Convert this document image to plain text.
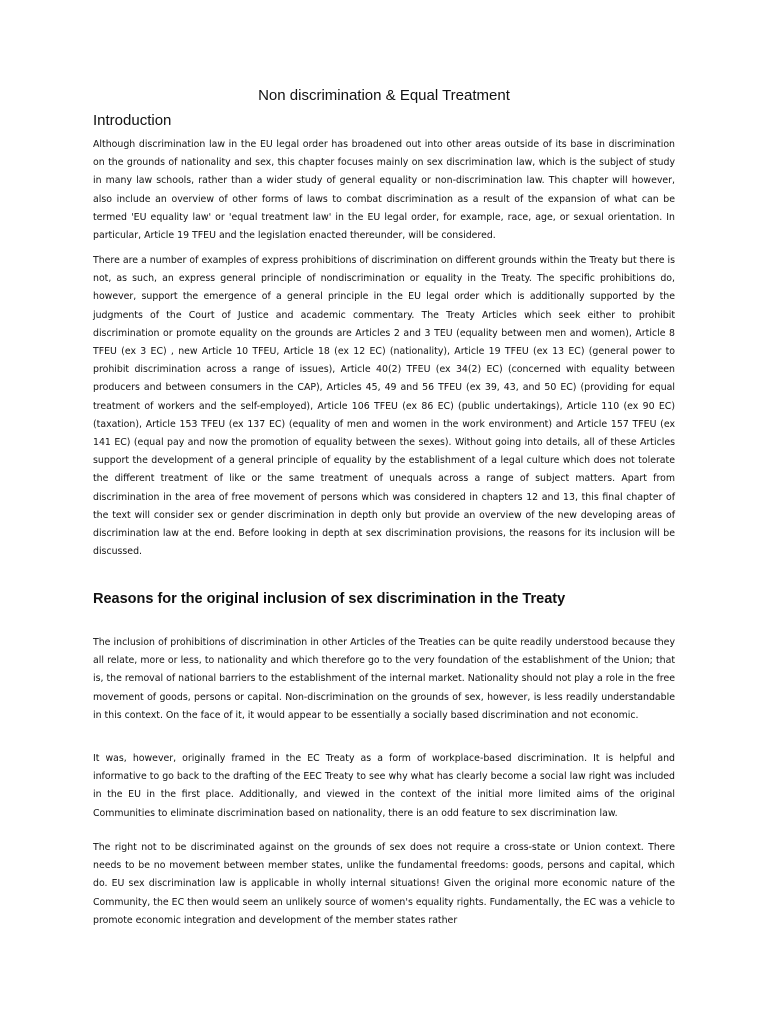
Non discrimination & Equal Treatment
Introduction

Although discrimination law in the EU legal order has broadened out into other areas outside of its base in discrimination on the grounds of nationality and sex, this chapter focuses mainly on sex discrimination law, which is the subject of study in many law schools, rather than a wider study of general equality or non-discrimination law. This chapter will however, also include an overview of other forms of laws to combat discrimination as a result of the expansion of what can be termed 'EU equality law' or 'equal treatment law' in the EU legal order, for example, race, age, or sexual orientation. In particular, Article 19 TFEU and the legislation enacted thereunder, will be considered.

There are a number of examples of express prohibitions of discrimination on different grounds within the Treaty but there is not, as such, an express general principle of nondiscrimination or equality in the Treaty. The specific prohibitions do, however, support the emergence of a general principle in the EU legal order which is additionally supported by the judgments of the Court of Justice and academic commentary. The Treaty Articles which seek either to prohibit discrimination or promote equality on the grounds are Articles 2 and 3 TEU (equality between men and women), Article 8 TFEU (ex 3 EC) , new Article 10 TFEU, Article 18 (ex 12 EC) (nationality), Article 19 TFEU (ex 13 EC) (general power to prohibit discrimination across a range of issues), Article 40(2) TFEU (ex 34(2) EC) (concerned with equality between producers and between consumers in the CAP), Articles 45, 49 and 56 TFEU (ex 39, 43, and 50 EC) (providing for equal treatment of workers and the self-employed), Article 106 TFEU (ex 86 EC) (public undertakings), Article 110 (ex 90 EC) (taxation), Article 153 TFEU (ex 137 EC) (equality of men and women in the work environment) and Article 157 TFEU (ex 141 EC) (equal pay and now the promotion of equality between the sexes). Without going into details, all of these Articles support the development of a general principle of equality by the establishment of a legal culture which does not tolerate the different treatment of like or the same treatment of unequals across a range of subject matters. Apart from discrimination in the area of free movement of persons which was considered in chapters 12 and 13, this final chapter of the text will consider sex or gender discrimination in depth only but provide an overview of the new developing areas of discrimination law at the end. Before looking in depth at sex discrimination provisions, the reasons for its inclusion will be discussed.

Reasons for the original inclusion of sex discrimination in the Treaty

The inclusion of prohibitions of discrimination in other Articles of the Treaties can be quite readily understood because they all relate, more or less, to nationality and which therefore go to the very foundation of the establishment of the Union; that is, the removal of national barriers to the establishment of the internal market. Nationality should not play a role in the free movement of goods, persons or capital. Non-discrimination on the grounds of sex, however, is less readily understandable in this context. On the face of it, it would appear to be essentially a socially based discrimination and not economic.

It was, however, originally framed in the EC Treaty as a form of workplace-based discrimination. It is helpful and informative to go back to the drafting of the EEC Treaty to see why what has clearly become a social law right was included in the EU in the first place. Additionally, and viewed in the context of the initial more limited aims of the original Communities to eliminate discrimination based on nationality, there is an odd feature to sex discrimination law.

The right not to be discriminated against on the grounds of sex does not require a cross-state or Union context. There needs to be no movement between member states, unlike the fundamental freedoms: goods, persons and capital, which do. EU sex discrimination law is applicable in wholly internal situations! Given the original more economic nature of the Community, the EC then would seem an unlikely source of women's equality rights. Fundamentally, the EC was a vehicle to promote economic integration and development of the member states rather
